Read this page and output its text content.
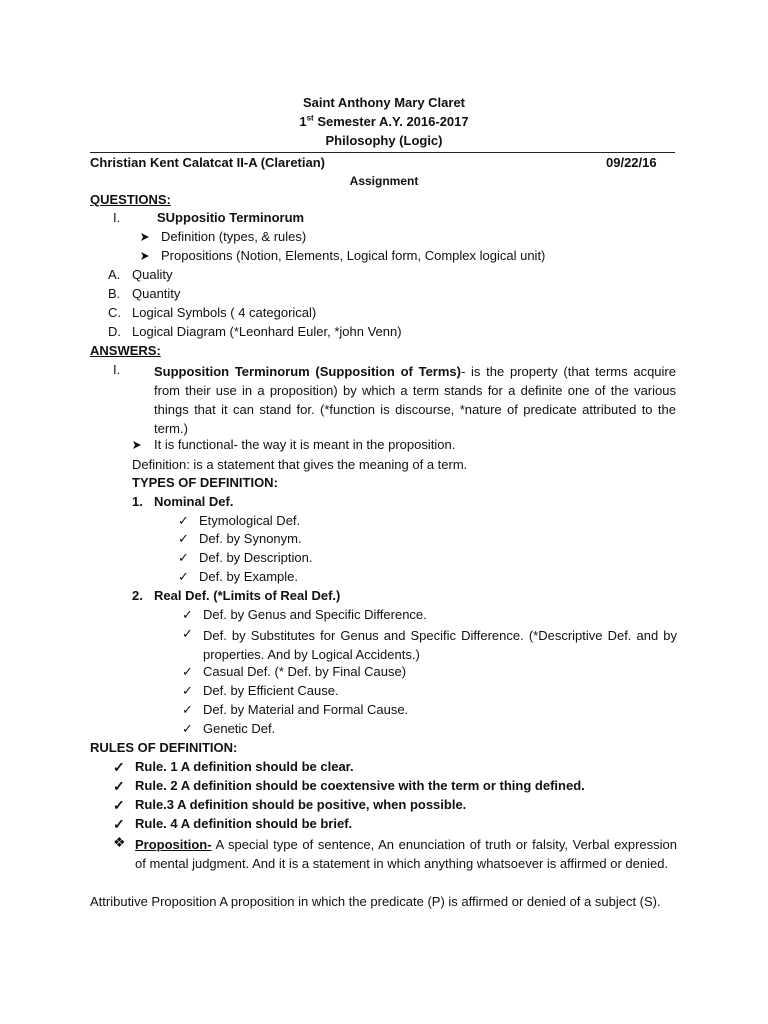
Saint Anthony Mary Claret
1st Semester A.Y. 2016-2017
Philosophy (Logic)
Christian Kent Calatcat II-A (Claretian)	09/22/16
Assignment
QUESTIONS:
I.	SUppositio Terminorum
Definition (types, & rules)
Propositions (Notion, Elements, Logical form, Complex logical unit)
A. Quality
B. Quantity
C. Logical Symbols ( 4 categorical)
D. Logical Diagram (*Leonhard Euler, *john Venn)
ANSWERS:
I.	Supposition Terminorum (Supposition of Terms)- is the property (that terms acquire from their use in a proposition) by which a term stands for a definite one of the various things that it can stand for. (*function is discourse, *nature of predicate attributed to the term.)
It is functional- the way it is meant in the proposition.
Definition: is a statement that gives the meaning of a term.
TYPES OF DEFINITION:
1. Nominal Def.
✓ Etymological Def.
✓ Def. by Synonym.
✓ Def. by Description.
✓ Def. by Example.
2. Real Def. (*Limits of Real Def.)
✓ Def. by Genus and Specific Difference.
✓ Def. by Substitutes for Genus and Specific Difference. (*Descriptive Def. and by properties. And by Logical Accidents.)
✓ Casual Def. (* Def. by Final Cause)
✓ Def. by Efficient Cause.
✓ Def. by Material and Formal Cause.
✓ Genetic Def.
RULES OF DEFINITION:
✓ Rule. 1 A definition should be clear.
✓ Rule. 2 A definition should be coextensive with the term or thing defined.
✓ Rule.3 A definition should be positive, when possible.
✓ Rule. 4 A definition should be brief.
❖ Proposition- A special type of sentence, An enunciation of truth or falsity, Verbal expression of mental judgment. And it is a statement in which anything whatsoever is affirmed or denied.
Attributive Proposition A proposition in which the predicate (P) is affirmed or denied of a subject (S).
